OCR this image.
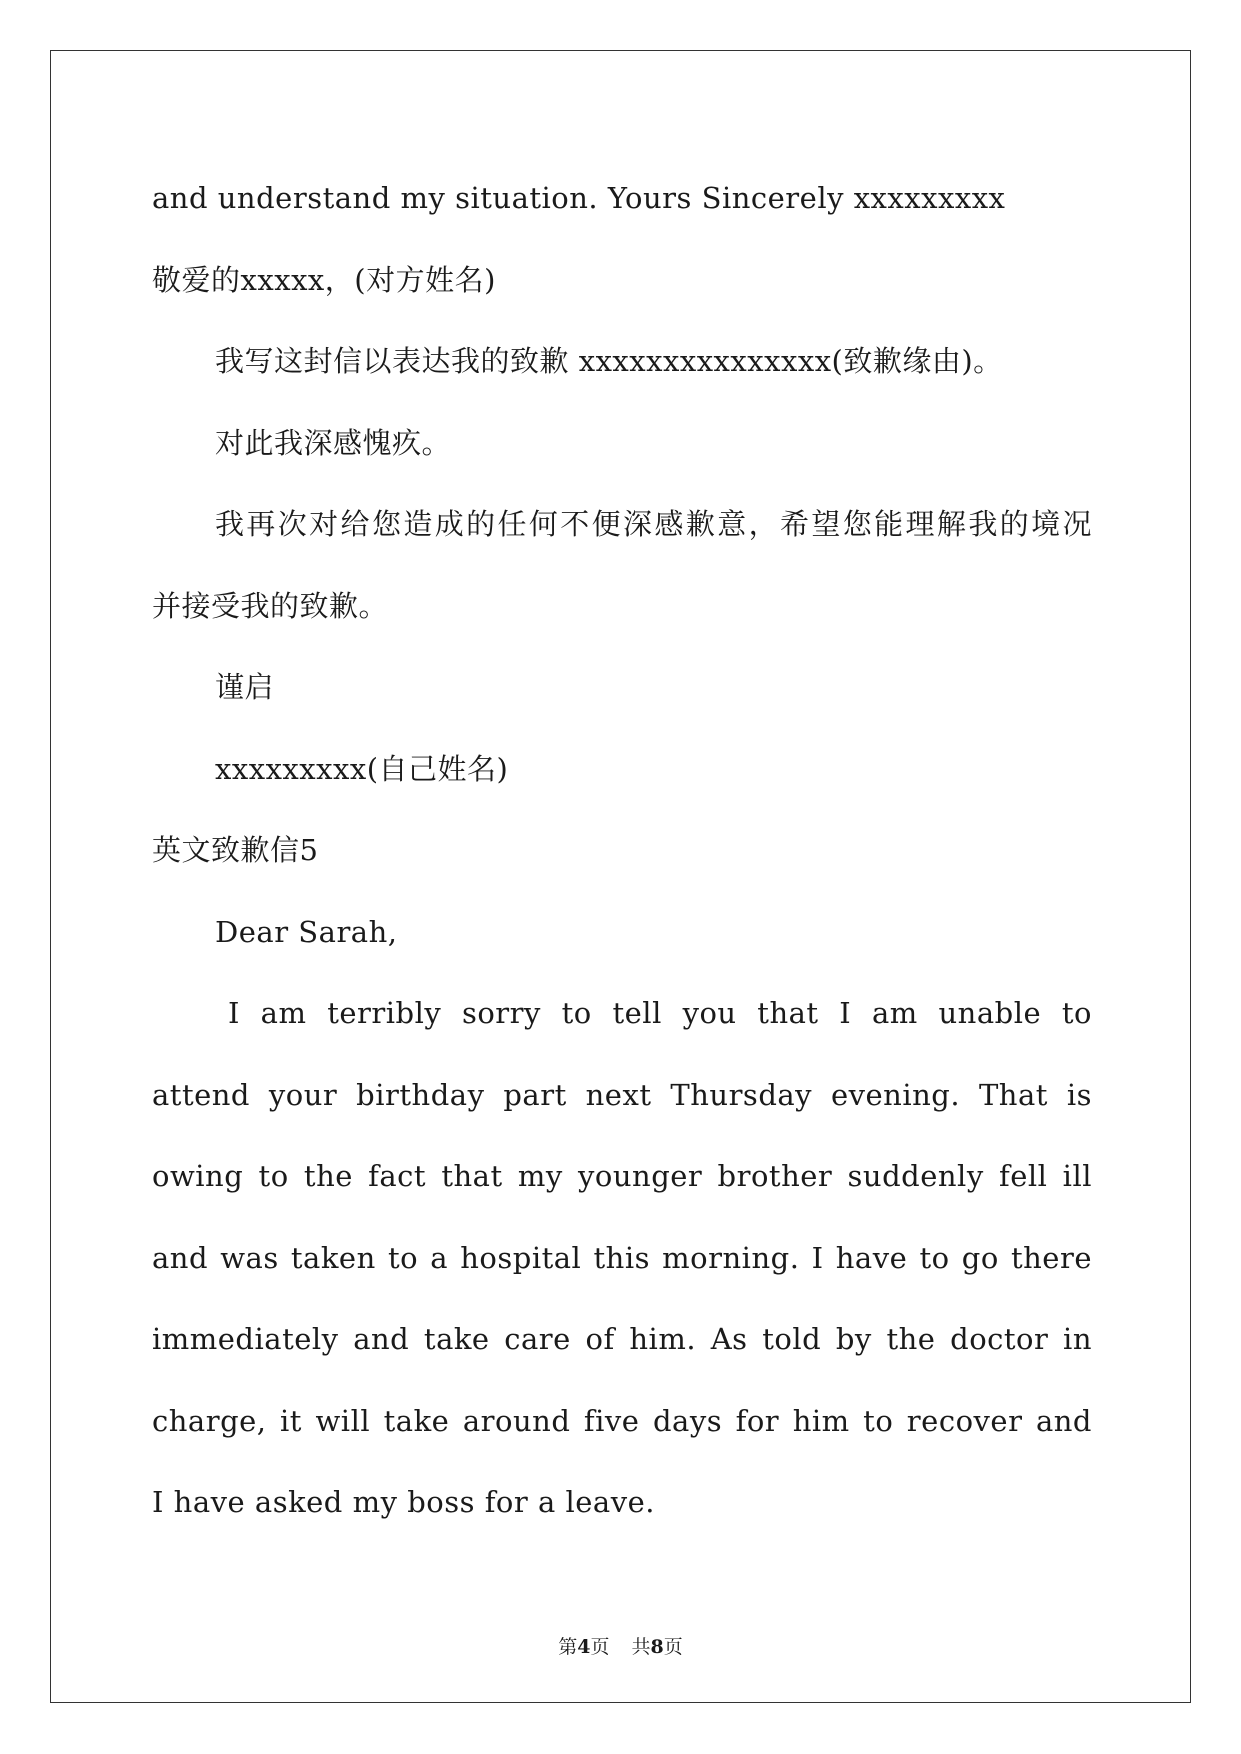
and understand my situation. Yours Sincerely xxxxxxxxx
敬爱的xxxxx，(对方姓名)
我写这封信以表达我的致歉 xxxxxxxxxxxxxxx(致歉缘由)。
对此我深感愧疚。
我再次对给您造成的任何不便深感歉意，希望您能理解我的境况
并接受我的致歉。
谨启
xxxxxxxxx(自己姓名)
英文致歉信5
Dear Sarah,
I am terribly sorry to tell you that I am unable to
attend your birthday part next Thursday evening. That is
owing to the fact that my younger brother suddenly fell ill
and was taken to a hospital this morning. I have to go there
immediately and take care of him. As told by the doctor in
charge, it will take around five days for him to recover and
I have asked my boss for a leave.
第4页 共8页
